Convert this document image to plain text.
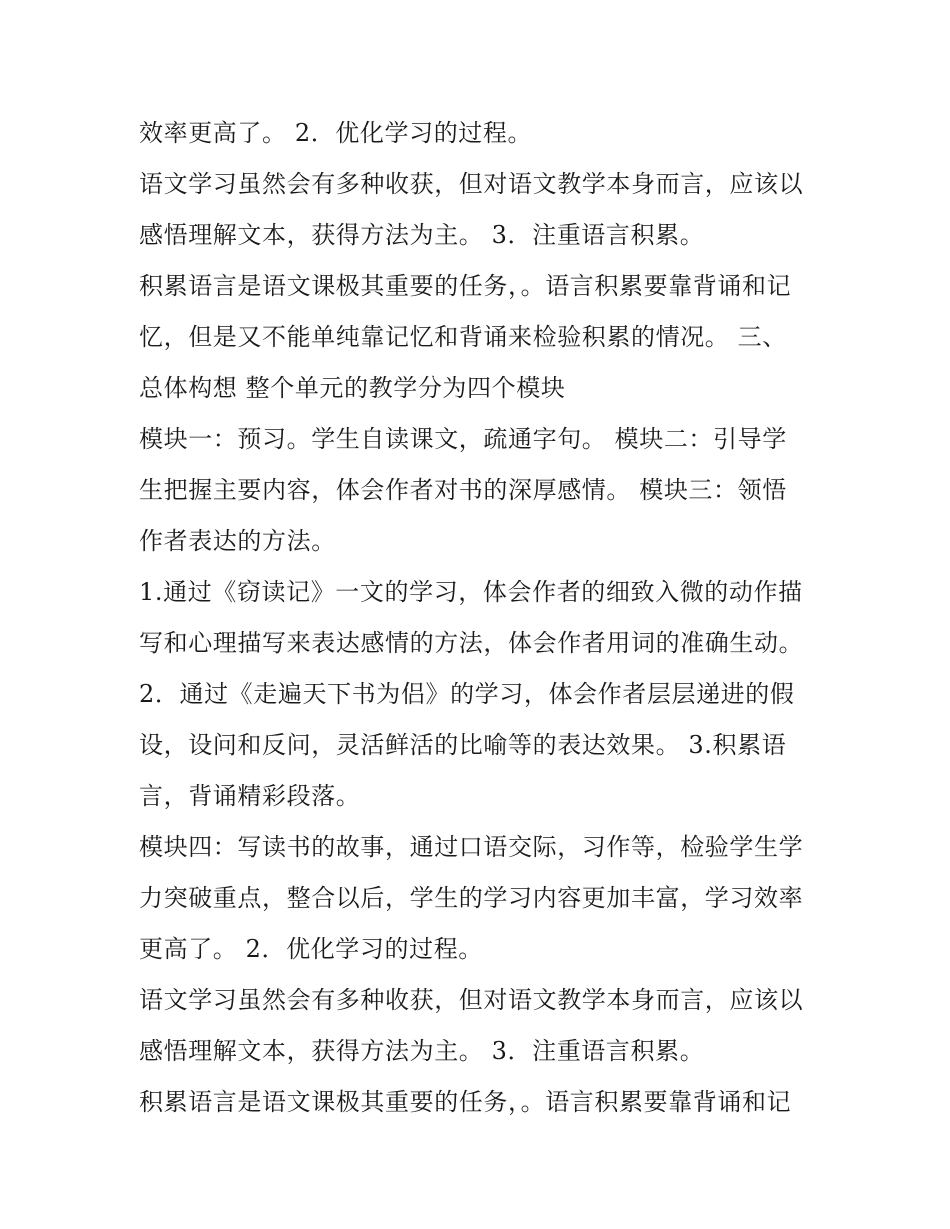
效率更高了。 2．优化学习的过程。
语文学习虽然会有多种收获，但对语文教学本身而言，应该以
感悟理解文本，获得方法为主。 3．注重语言积累。
积累语言是语文课极其重要的任务，。语言积累要靠背诵和记
忆，但是又不能单纯靠记忆和背诵来检验积累的情况。 三、
总体构想 整个单元的教学分为四个模块
模块一：预习。学生自读课文，疏通字句。 模块二：引导学
生把握主要内容，体会作者对书的深厚感情。 模块三：领悟
作者表达的方法。
1.通过《窃读记》一文的学习，体会作者的细致入微的动作描
写和心理描写来表达感情的方法，体会作者用词的准确生动。
2．通过《走遍天下书为侣》的学习，体会作者层层递进的假
设，设问和反问，灵活鲜活的比喻等的表达效果。 3.积累语
言，背诵精彩段落。
模块四：写读书的故事，通过口语交际，习作等，检验学生学
力突破重点，整合以后，学生的学习内容更加丰富，学习效率
更高了。 2．优化学习的过程。
语文学习虽然会有多种收获，但对语文教学本身而言，应该以
感悟理解文本，获得方法为主。 3．注重语言积累。
积累语言是语文课极其重要的任务，。语言积累要靠背诵和记
